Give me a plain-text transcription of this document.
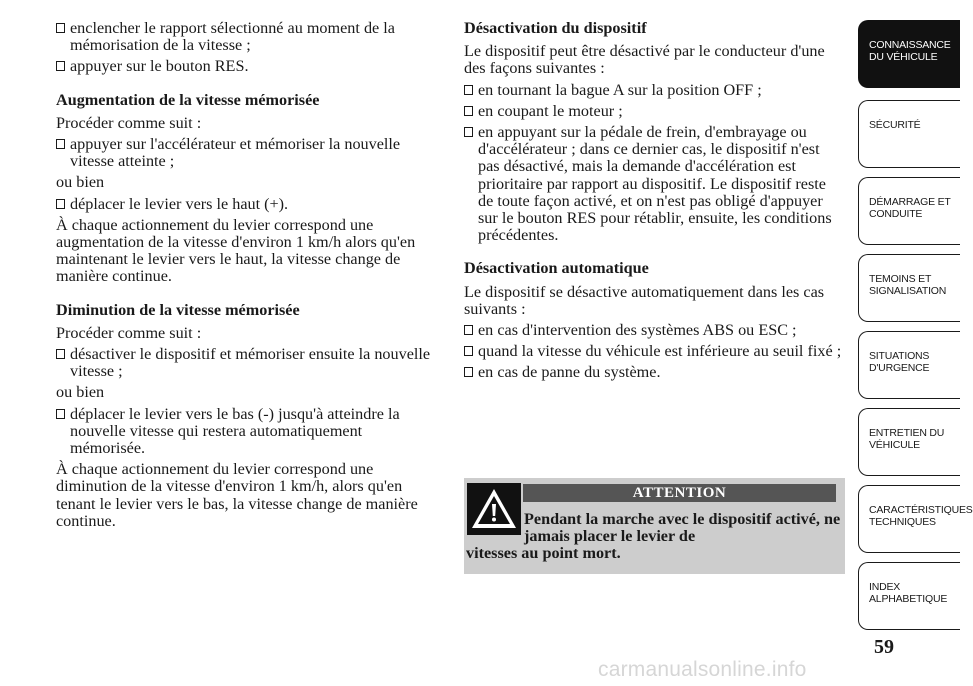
enclencher le rapport sélectionné au moment de la mémorisation de la vitesse ;
appuyer sur le bouton RES.
Augmentation de la vitesse mémorisée
Procéder comme suit :
appuyer sur l'accélérateur et mémoriser la nouvelle vitesse atteinte ;
ou bien
déplacer le levier vers le haut (+).
À chaque actionnement du levier correspond une augmentation de la vitesse d'environ 1 km/h alors qu'en maintenant le levier vers le haut, la vitesse change de manière continue.
Diminution de la vitesse mémorisée
Procéder comme suit :
désactiver le dispositif et mémoriser ensuite la nouvelle vitesse ;
ou bien
déplacer le levier vers le bas (-) jusqu'à atteindre la nouvelle vitesse qui restera automatiquement mémorisée.
À chaque actionnement du levier correspond une diminution de la vitesse d'environ 1 km/h, alors qu'en tenant le levier vers le bas, la vitesse change de manière continue.
Désactivation du dispositif
Le dispositif peut être désactivé par le conducteur d'une des façons suivantes :
en tournant la bague A sur la position OFF ;
en coupant le moteur ;
en appuyant sur la pédale de frein, d'embrayage ou d'accélérateur ; dans ce dernier cas, le dispositif n'est pas désactivé, mais la demande d'accélération est prioritaire par rapport au dispositif. Le dispositif reste de toute façon activé, et on n'est pas obligé d'appuyer sur le bouton RES pour rétablir, ensuite, les conditions précédentes.
Désactivation automatique
Le dispositif se désactive automatiquement dans les cas suivants :
en cas d'intervention des systèmes ABS ou ESC ;
quand la vitesse du véhicule est inférieure au seuil fixé ;
en cas de panne du système.
ATTENTION
Pendant la marche avec le dispositif activé, ne jamais placer le levier de
vitesses au point mort.
CONNAISSANCE DU VÉHICULE
SÉCURITÉ
DÉMARRAGE ET CONDUITE
TEMOINS ET SIGNALISATION
SITUATIONS D'URGENCE
ENTRETIEN DU VÉHICULE
CARACTÉRISTIQUES TECHNIQUES
INDEX ALPHABETIQUE
59
carmanualsonline.info
